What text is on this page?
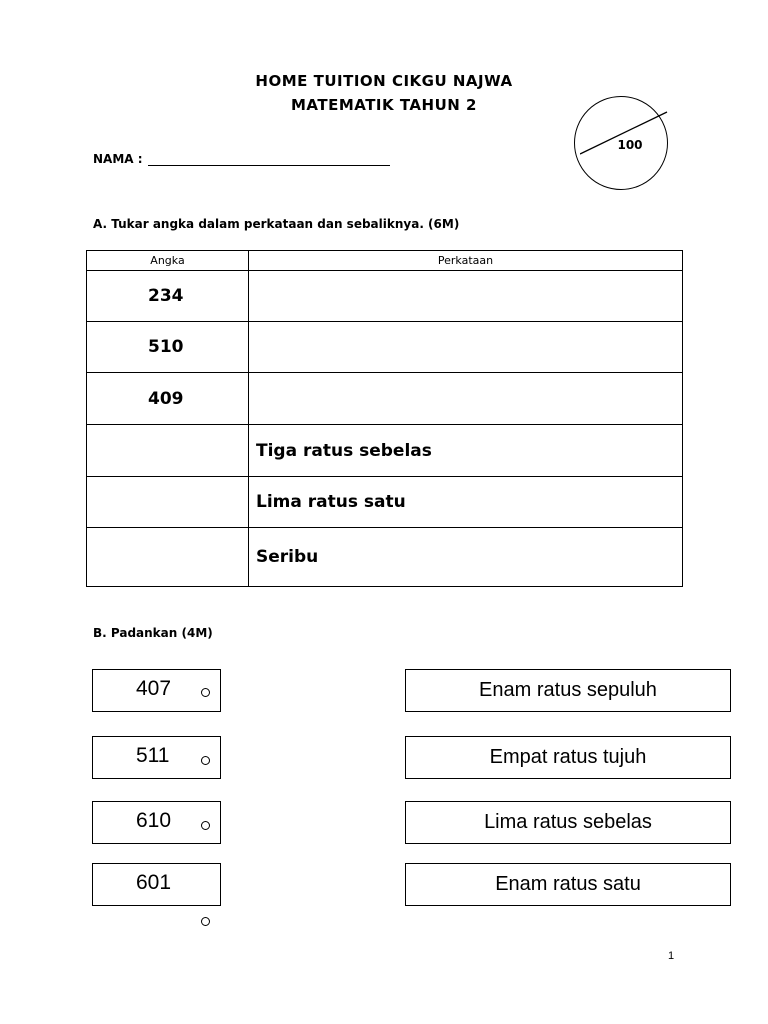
HOME TUITION CIKGU NAJWA
MATEMATIK TAHUN 2
100
NAMA :
A. Tukar angka dalam perkataan dan sebaliknya. (6M)
Angka	Perkataan
234	
510	
409	
	Tiga ratus sebelas
	Lima ratus satu
	Seribu
B. Padankan (4M)
407
511
610
601
Enam ratus sepuluh
Empat ratus tujuh
Lima ratus sebelas
Enam ratus satu
1
